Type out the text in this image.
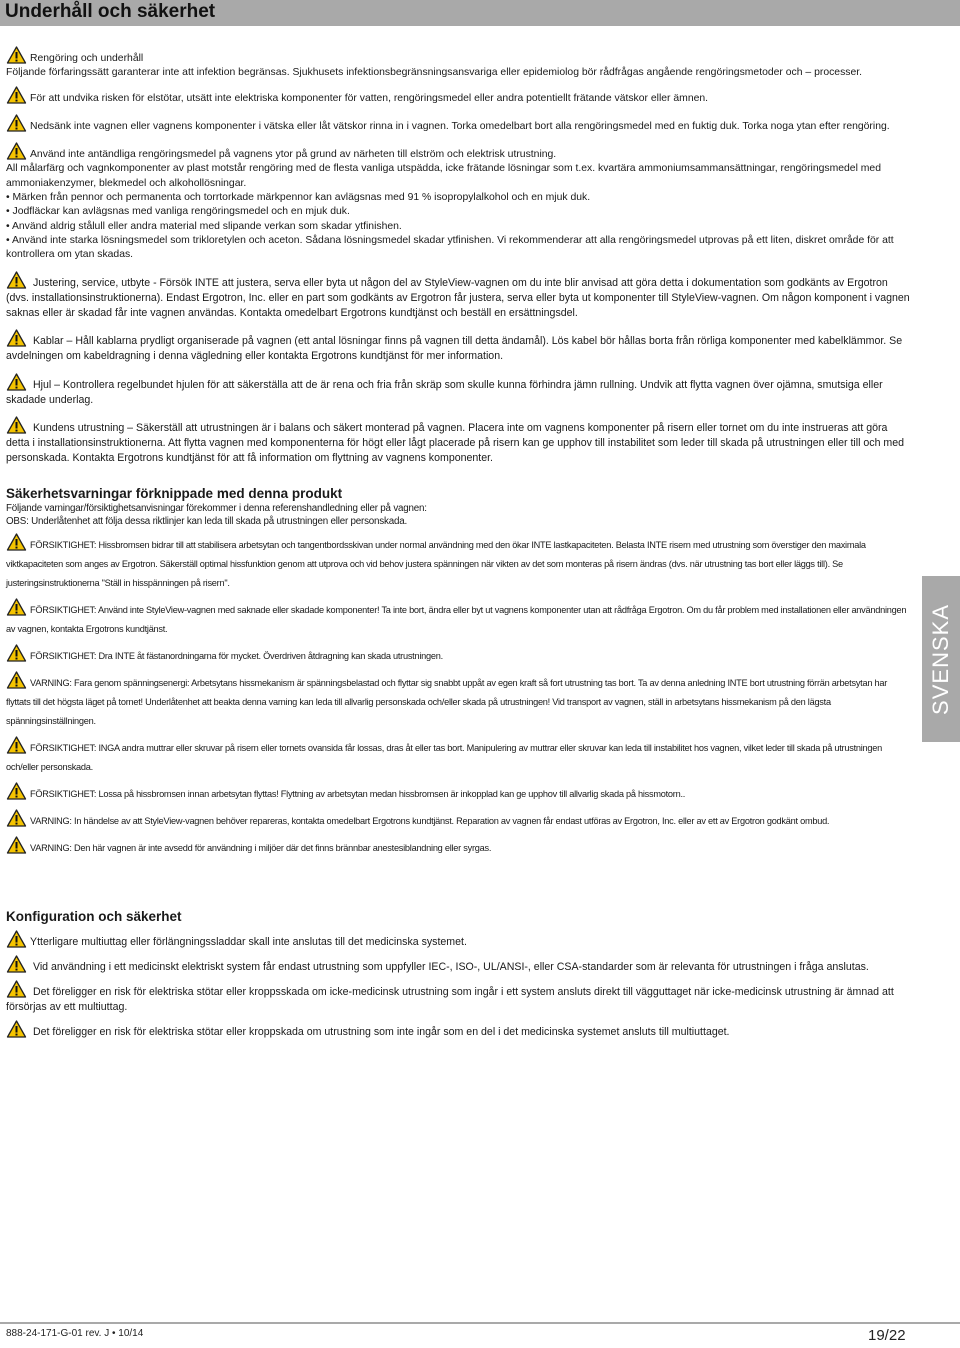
Underhåll och säkerhet

Rengöring och underhåll

Följande förfaringssätt garanterar inte att infektion begränsas. Sjukhusets infektionsbegränsningsansvariga eller epidemiolog bör rådfrågas angående rengöringsmetoder och – processer.

För att undvika risken för elstötar, utsätt inte elektriska komponenter för vatten, rengöringsmedel eller andra potentiellt frätande vätskor eller ämnen.

Nedsänk inte vagnen eller vagnens komponenter i vätska eller låt vätskor rinna in i vagnen. Torka omedelbart bort alla rengöringsmedel med en fuktig duk. Torka noga ytan efter rengöring.

Använd inte antändliga rengöringsmedel på vagnens ytor på grund av närheten till elström och elektrisk utrustning.

All målarfärg och vagnkomponenter av plast motstår rengöring med de flesta vanliga utspädda, icke frätande lösningar som t.ex. kvartära ammoniumsammansättningar, rengöringsmedel med ammoniakenzymer, blekmedel och alkohollösningar.

• Märken från pennor och permanenta och torrtorkade märkpennor kan avlägsnas med 91 % isopropylalkohol och en mjuk duk.

• Jodfläckar kan avlägsnas med vanliga rengöringsmedel och en mjuk duk.

• Använd aldrig stålull eller andra material med slipande verkan som skadar ytfinishen.

• Använd inte starka lösningsmedel som trikloretylen och aceton. Sådana lösningsmedel skadar ytfinishen. Vi rekommenderar att alla rengöringsmedel utprovas på ett liten, diskret område för att kontrollera om ytan skadas.

Justering, service, utbyte - Försök INTE att justera, serva eller byta ut någon del av StyleView-vagnen om du inte blir anvisad att göra detta i dokumentation som godkänts av Ergotron (dvs. installationsinstruktionerna). Endast Ergotron, Inc. eller en part som godkänts av Ergotron får justera, serva eller byta ut komponenter till StyleView-vagnen. Om någon komponent i vagnen saknas eller är skadad får inte vagnen användas. Kontakta omedelbart Ergotrons kundtjänst och beställ en ersättningsdel.

Kablar – Håll kablarna prydligt organiserade på vagnen (ett antal lösningar finns på vagnen till detta ändamål). Lös kabel bör hållas borta från rörliga komponenter med kabelklämmor. Se avdelningen om kabeldragning i denna vägledning eller kontakta Ergotrons kundtjänst för mer information.

Hjul – Kontrollera regelbundet hjulen för att säkerställa att de är rena och fria från skräp som skulle kunna förhindra jämn rullning. Undvik att flytta vagnen över ojämna, smutsiga eller skadade underlag.

Kundens utrustning – Säkerställ att utrustningen är i balans och säkert monterad på vagnen. Placera inte om vagnens komponenter på risern eller tornet om du inte instrueras att göra detta i installationsinstruktionerna. Att flytta vagnen med komponenterna för högt eller lågt placerade på risern kan ge upphov till instabilitet som leder till skada på utrustningen eller till och med personskada. Kontakta Ergotrons kundtjänst för att få information om flyttning av vagnens komponenter.

Säkerhetsvarningar förknippade med denna produkt

Följande varningar/försiktighetsanvisningar förekommer i denna referenshandledning eller på vagnen:

OBS: Underlåtenhet att följa dessa riktlinjer kan leda till skada på utrustningen eller personskada.

FÖRSIKTIGHET: Hissbromsen bidrar till att stabilisera arbetsytan och tangentbordsskivan under normal användning med den ökar INTE lastkapaciteten. Belasta INTE risern med utrustning som överstiger den maximala viktkapaciteten som anges av Ergotron. Säkerställ optimal hissfunktion genom att utprova och vid behov justera spänningen när vikten av det som monteras på risern ändras (dvs. när utrustning tas bort eller läggs till). Se justeringsinstruktionerna "Ställ in hisspänningen på risern".

FÖRSIKTIGHET: Använd inte StyleView-vagnen med saknade eller skadade komponenter! Ta inte bort, ändra eller byt ut vagnens komponenter utan att rådfråga Ergotron. Om du får problem med installationen eller användningen av vagnen, kontakta Ergotrons kundtjänst.

FÖRSIKTIGHET: Dra INTE åt fästanordningarna för mycket. Överdriven åtdragning kan skada utrustningen.

VARNING: Fara genom spänningsenergi: Arbetsytans hissmekanism är spänningsbelastad och flyttar sig snabbt uppåt av egen kraft så fort utrustning tas bort. Ta av denna anledning INTE bort utrustning förrän arbetsytan har flyttats till det högsta läget på tornet! Underlåtenhet att beakta denna varning kan leda till allvarlig personskada och/eller skada på utrustningen! Vid transport av vagnen, ställ in arbetsytans hissmekanism på den lägsta spänningsinställningen.

FÖRSIKTIGHET: INGA andra muttrar eller skruvar på risern eller tornets ovansida får lossas, dras åt eller tas bort. Manipulering av muttrar eller skruvar kan leda till instabilitet hos vagnen, vilket leder till skada på utrustningen och/eller personskada.

FÖRSIKTIGHET: Lossa på hissbromsen innan arbetsytan flyttas! Flyttning av arbetsytan medan hissbromsen är inkopplad kan ge upphov till allvarlig skada på hissmotorn..

VARNING: In händelse av att StyleView-vagnen behöver repareras, kontakta omedelbart Ergotrons kundtjänst. Reparation av vagnen får endast utföras av Ergotron, Inc. eller av ett av Ergotron godkänt ombud.

VARNING: Den här vagnen är inte avsedd för användning i miljöer där det finns brännbar anestesiblandning eller syrgas.

Konfiguration och säkerhet

Ytterligare multiuttag eller förlängningssladdar skall inte anslutas till det medicinska systemet.

Vid användning i ett medicinskt elektriskt system får endast utrustning som uppfyller IEC-, ISO-, UL/ANSI-, eller CSA-standarder som är relevanta för utrustningen i fråga anslutas.

Det föreligger en risk för elektriska stötar eller kroppsskada om icke-medicinsk utrustning som ingår i ett system ansluts direkt till vägguttaget när icke-medicinsk utrustning är ämnad att försörjas av ett multiuttag.

Det föreligger en risk för elektriska stötar eller kroppskada om utrustning som inte ingår som en del i det medicinska systemet ansluts till multiuttaget.

SVENSKA
888-24-171-G-01 rev. J • 10/14	19/22
